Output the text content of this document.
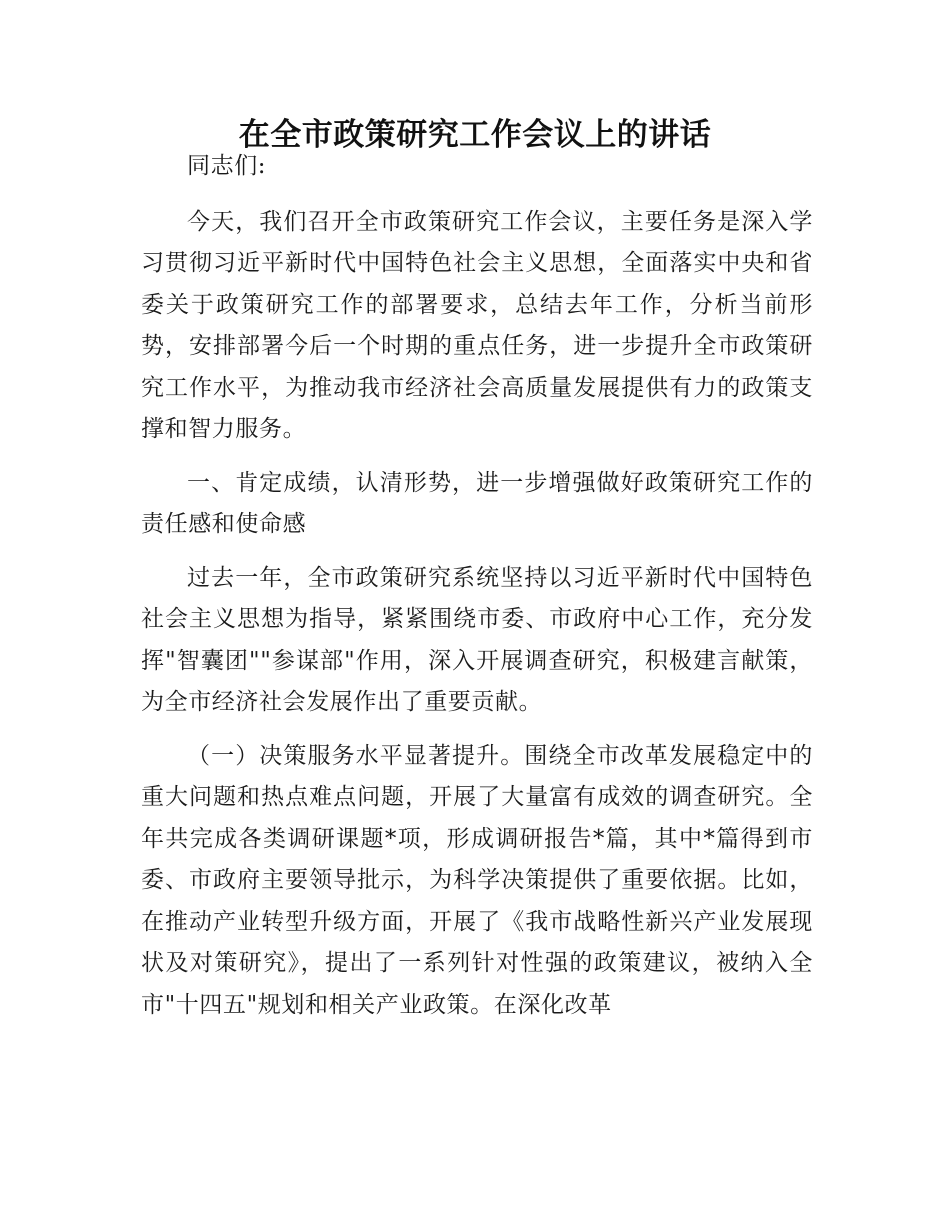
在全市政策研究工作会议上的讲话

同志们:

今天，我们召开全市政策研究工作会议，主要任务是深入学习贯彻习近平新时代中国特色社会主义思想，全面落实中央和省委关于政策研究工作的部署要求，总结去年工作，分析当前形势，安排部署今后一个时期的重点任务，进一步提升全市政策研究工作水平，为推动我市经济社会高质量发展提供有力的政策支撑和智力服务。

一、肯定成绩，认清形势，进一步增强做好政策研究工作的责任感和使命感

过去一年，全市政策研究系统坚持以习近平新时代中国特色社会主义思想为指导，紧紧围绕市委、市政府中心工作，充分发挥"智囊团""参谋部"作用，深入开展调查研究，积极建言献策，为全市经济社会发展作出了重要贡献。

（一）决策服务水平显著提升。围绕全市改革发展稳定中的重大问题和热点难点问题，开展了大量富有成效的调查研究。全年共完成各类调研课题*项，形成调研报告*篇，其中*篇得到市委、市政府主要领导批示，为科学决策提供了重要依据。比如，在推动产业转型升级方面，开展了《我市战略性新兴产业发展现状及对策研究》，提出了一系列针对性强的政策建议，被纳入全市"十四五"规划和相关产业政策。在深化改革
